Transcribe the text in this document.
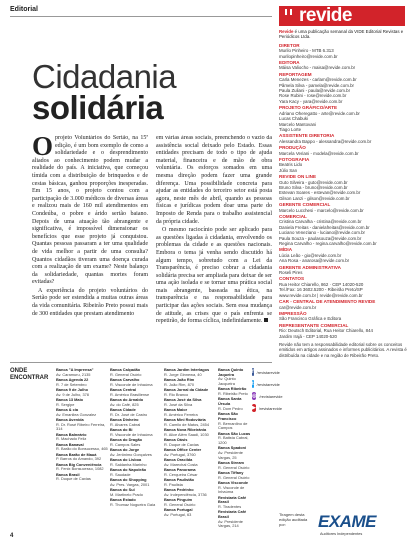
Editorial
Cidadania
solidária

Oprojeto Voluntários do Sertão, na 15ª edição, é um bom exemplo de como a solidariedade e o desprendimento aliados ao conhecimento podem mudar a realidade do país. A iniciativa, que começou tímida com a distribuição de brinquedos e de cestas básicas, ganhou proporções inesperadas. Em 15 anos, o projeto contou com a participação de 3.000 médicos de diversas áreas e realizou mais de 160 mil atendimentos em Condeúba, o pobre e árido sertão baiano. Depois de uma atuação tão abrangente e significativa, é impossível dimensionar os benefícios que esse projeto já conquistou. Quantas pessoas passaram a ter uma qualidade de vida melhor a partir de uma consulta? Quantos cidadãos tiveram uma doença curada com a realização de um exame? Neste balanço da solidariedade, quantas mortes foram evitadas?

A experiência do projeto voluntários do Sertão pode ser estendida a muitas outras áreas da vida comunitária. Ribeirão Preto possui mais de 300 entidades que prestam atendimento

em várias áreas sociais, preenchendo o vazio da assistência social deixado pelo Estado. Essas entidades precisam de todo o tipo de ajuda material, financeira e de mão de obra voluntária. Os esforços somados em uma mesma direção podem fazer uma grande diferença. Uma possibilidade concreta para ajudar as entidades do terceiro setor está posta agora, neste mês de abril, quando as pessoas físicas e jurídicas podem doar uma parte do Imposto de Renda para o trabalho assistencial da própria cidade.

O mesmo raciocínio pode ser aplicado para as questões ligadas à cidadania, envolvendo os problemas da cidade e as questões nacionais. Embora o tema já venha sendo discutido há algum tempo, sobretudo com a Lei da Transparência, é preciso cobrar a cidadania solidária precisa ser ampliada para deixar de ser uma ação isolada e se tornar uma prática social mais abrangente, baseada na ética, na transparência e na responsabilidade para participar das ações sociais. Sem essa mudança de atitude, as crises que o país enfrenta se repetirão, de forma cíclica, indefinidamente.

ONDE
ENCONTRAR
Banca "A Imprensa"
Av. Caramuru, 2135
Banca Agenda 22
R. 7 de Setembro
Banca 9 de Julho
Av. 9 de Julho, 378
Banca 13 Maio
R. Sergipe
Banca & cia
Av. Emanllea Gonzalez
Banca Avenida
R. Dr. Rosé Ribeiro Ferreira, 314
Banca Balneário
R. Machado Feliz
Banca Banaval
R. Barão do Bonsucesso, 465
Banca Barão de Mauá
P. Barros do Amando, 392
Banca Big Conveniência
R. Fenix Bonsucesso, 1082
Banca Brasil
R. Duque de Caxias
Banca Calçadão
R. General Osório
Banca Carvalho
R. Visconde de Inhaúma
Banca Central
R. Américo Brasiliense
Banca do Arnaldo
Av. do Café, 825
Banca Cidade
R. Dr. José de Castro
Banca Dinheiro
R. Alvares Cabral
Banca do Bi
R. Visconde de Inhaúma
Banca do Dragão
R. Campos Sales
Banca do Jorge
Av. Jerônimo Gonçalves
Banca do Lisboa
R. Saldanha Marinho
Banca do Napoleão
R. Saudade
Banca do Shopping
Av. Pres. Vargas, 2001
Banca do Sul
M. Martinelo Prado
Banca Estado
R. Thomaz Nogueira Gaia
Banca Jardim Interlagos
R. Jorge Ginnewa, 40
Banca João Rim
R. João Rim, 870
Banca Jornal da Cidade
R. Rio Branco
Banca José da Silva
R. José da Silva
Banca Maior
R. Américo Ferreira
Banca Mini Rodoviária
R. Camilo de Matos, 2454
Banca Nova Ribeirânia
R. Alice Além Saadi, 1030
Banca Oásis
R. Duque de Caxias
Banca Office Center
Av. Portugal, 3760
Banca Oracilda
Av. Marechal Costa
Banca Panorama
R. Cerqueira César
Banca Paulistão
R. Paulista
Banca Pedrinho
Av. Independência, 3736
Banca Pinguim
R. General Osório
Banca Portugal
Av. Portugal, 63
Banca Quinto Jaqueira
Av. Quinto Jacqueira
Banca Ribeirão
R. Ribeirão Preto
Banca Santa Úrsula
R. Dom Pedro
Banca São Francisco
R. Bernardino de Campos
Banca São Lucas
R. Batista Cabral, 1200
Banca Spadoni
Av. Presidente Vargas, 25
Banca Stream
R. General Osório
Banca Tiffany
R. General Osório
Banca Visconde
R. Visconde de Inhaúma
Revistaria Café Brasil
R. Tiradentes
Revistaria Café Brasil
Av. Presidente Vargas, 214
f /revistarevide
t /revistarevide
◎ /revistarevide
▶ /revistarevide
4
revide
Revide é uma publicação semanal da VIDE Editorial Revistas e Periódicos Ltda.
DIRETOR
Murilo Pinheiro - MTB 6.313
murilopinheiro@revide.com.br
EDITORA
Máisa Valiocho - maisa@revide.com.br
REPORTAGEM
Carla Menezes - carlam@revide.com.br
Pâmela Silva - pamela@revide.com.br
Paula Zuliani - paula@revide.com.br
Rose Rubini - rose@revide.com.br
Yara Kacy - yara@revide.com.br
PROJETO GRÁFICO/ARTE
Adriano Oheregatto - arte@revide.com.br
Lucas Chabuki
Marcelo Mantovani
Tiago Lorte
ASSISTENTE DIRETORIA
Alessandra Bappo - alessandra@revide.com.br
PRODUÇÃO
Marcela Veriani - modela@revide.com.br
FOTOGRAFIA
Beatris Lido
Júlio San
REVIDE ON LINE
Guto Silveira - guto@revide.com.br
Bruno Silva - bruno@revide.com.br
Estevan Soares - estevan@revide.com.br
Gilson Lanzi - gilson@revide.com.br
GERENTE COMERCIAL
Marcelo Lucchesi - marcelo@revide.com.br
COMERCIAL
Cristina Carvalha - cristina@revide.com.br
Daniela Freitas - danielafreitas@revide.com.br
Luciano Veneziano - luciano@revide.com.br
Paula Souza - paulasouza@revide.com.br
Regina Carvalho - regina.carvalho@revide.com.br
MÍDIA
Lúcia Leão - gio@revide.com.br
Ana Rosa - anarosa@revide.com.br
GERENTE ADMINISTRATIVA
Roseli Pires
CONTATOS
Rua Heitor Chiarello, 862 · CEP 14020-520
Tel./Fax: 16 3602.5200 - Ribeirão Preto/SP
www.revide.com.br | revide@revide.com.br
CAR - CENTRAL DE ATENDIMENTO REVIDE
car@revide.com.br
IMPRESSÃO
São Francisco Gráfica e Editora
REPRESENTANTE COMERCIAL
Rio: Deutsch Editorial, Rua Heitor Chiarello, 844
Jardim Irajá - CEP 14020-520
Revide não tem a responsabilidade editorial sobre os conceitos emitidos em artigos assinados e informes publicitários. A revista é distribuída na cidade e na região de Ribeirão Preto.
Tiragem desta edição auditada por:	EXAME
Auditores Independentes
